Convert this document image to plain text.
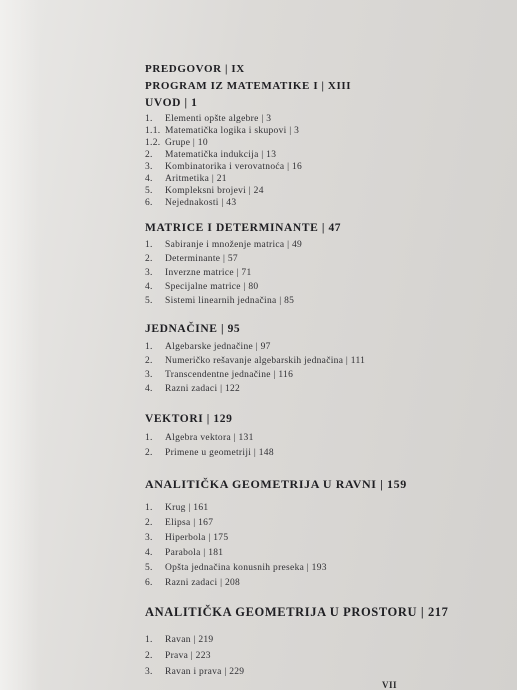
PREDGOVOR | IX
PROGRAM IZ MATEMATIKE I | XIII
UVOD | 1
1. Elementi opšte algebre | 3
1.1. Matematička logika i skupovi | 3
1.2. Grupe | 10
2. Matematička indukcija | 13
3. Kombinatorika i verovatnoća | 16
4. Aritmetika | 21
5. Kompleksni brojevi | 24
6. Nejednakosti | 43
MATRICE I DETERMINANTE | 47
1. Sabiranje i množenje matrica | 49
2. Determinante | 57
3. Inverzne matrice | 71
4. Specijalne matrice | 80
5. Sistemi linearnih jednačina | 85
JEDNAČINE | 95
1. Algebarske jednačine | 97
2. Numeričko rešavanje algebarskih jednačina | 111
3. Transcendentne jednačine | 116
4. Razni zadaci | 122
VEKTORI | 129
1. Algebra vektora | 131
2. Primene u geometriji | 148
ANALITIČKA GEOMETRIJA U RAVNI | 159
1. Krug | 161
2. Elipsa | 167
3. Hiperbola | 175
4. Parabola | 181
5. Opšta jednačina konusnih preseka | 193
6. Razni zadaci | 208
ANALITIČKA GEOMETRIJA U PROSTORU | 217
1. Ravan | 219
2. Prava | 223
3. Ravan i prava | 229
VII
